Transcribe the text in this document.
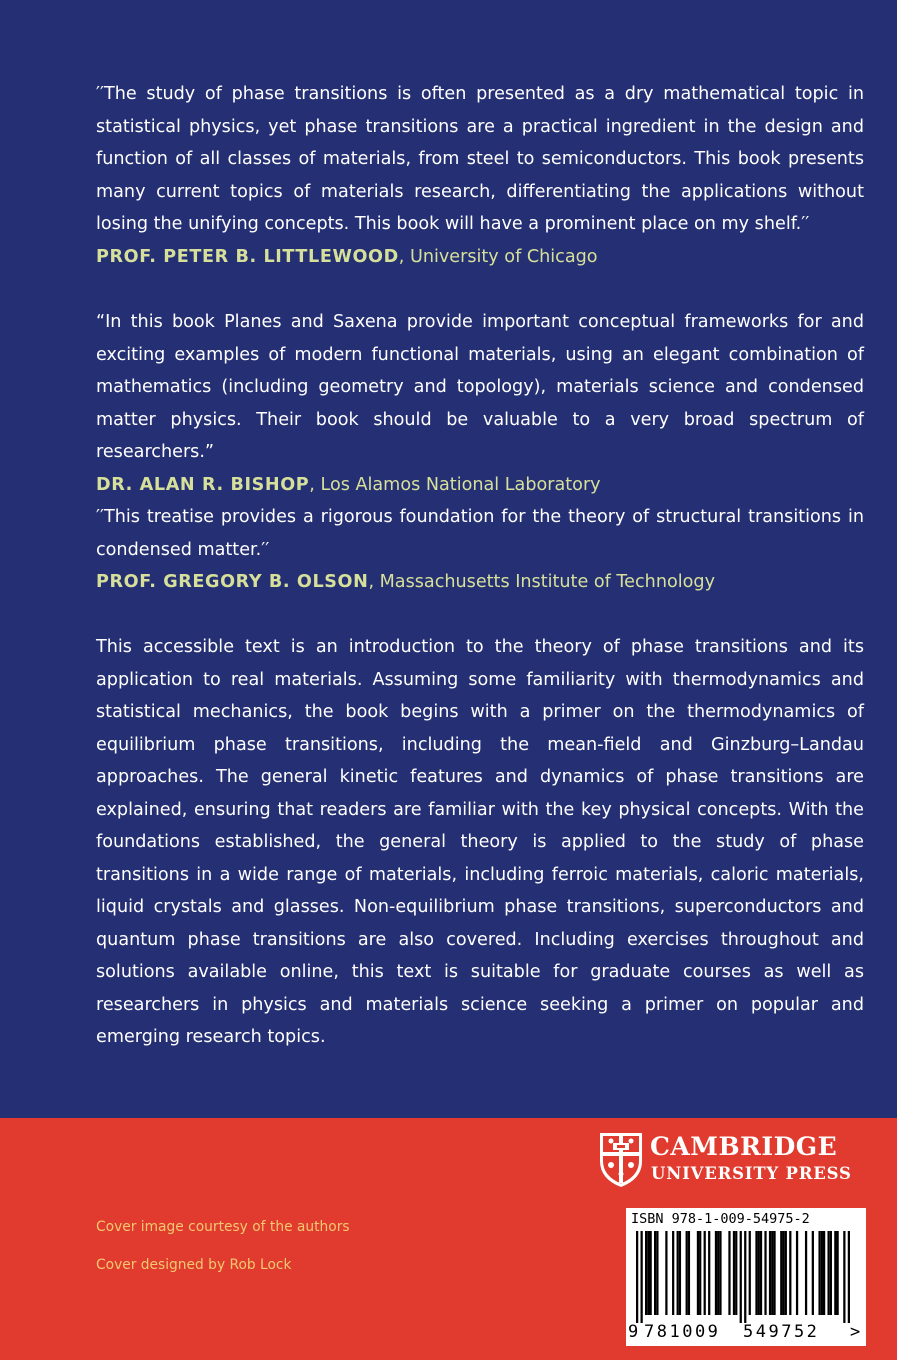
′′The study of phase transitions is often presented as a dry mathematical topic in statistical physics, yet phase transitions are a practical ingredient in the design and function of all classes of materials, from steel to semiconductors. This book presents many current topics of materials research, differentiating the applications without losing the unifying concepts. This book will have a prominent place on my shelf.′′

PROF. PETER B. LITTLEWOOD, University of Chicago

“In this book Planes and Saxena provide important conceptual frameworks for and exciting examples of modern functional materials, using an elegant combination of mathematics (including geometry and topology), materials science and condensed matter physics. Their book should be valuable to a very broad spectrum of researchers.”

DR. ALAN R. BISHOP, Los Alamos National Laboratory

′′This treatise provides a rigorous foundation for the theory of structural transitions in condensed matter.′′

PROF. GREGORY B. OLSON, Massachusetts Institute of Technology

This accessible text is an introduction to the theory of phase transitions and its application to real materials. Assuming some familiarity with thermodynamics and statistical mechanics, the book begins with a primer on the thermodynamics of equilibrium phase transitions, including the mean-field and Ginzburg–Landau approaches. The general kinetic features and dynamics of phase transitions are explained, ensuring that readers are familiar with the key physical concepts. With the foundations established, the general theory is applied to the study of phase transitions in a wide range of materials, including ferroic materials, caloric materials, liquid crystals and glasses. Non-equilibrium phase transitions, superconductors and quantum phase transitions are also covered. Including exercises throughout and solutions available online, this text is suitable for graduate courses as well as researchers in physics and materials science seeking a primer on popular and emerging research topics.

Cover image courtesy of the authors
Cover designed by Rob Lock
CAMBRIDGE
UNIVERSITY PRESS
ISBN 978-1-009-54975-2
9 781009 549752 >
